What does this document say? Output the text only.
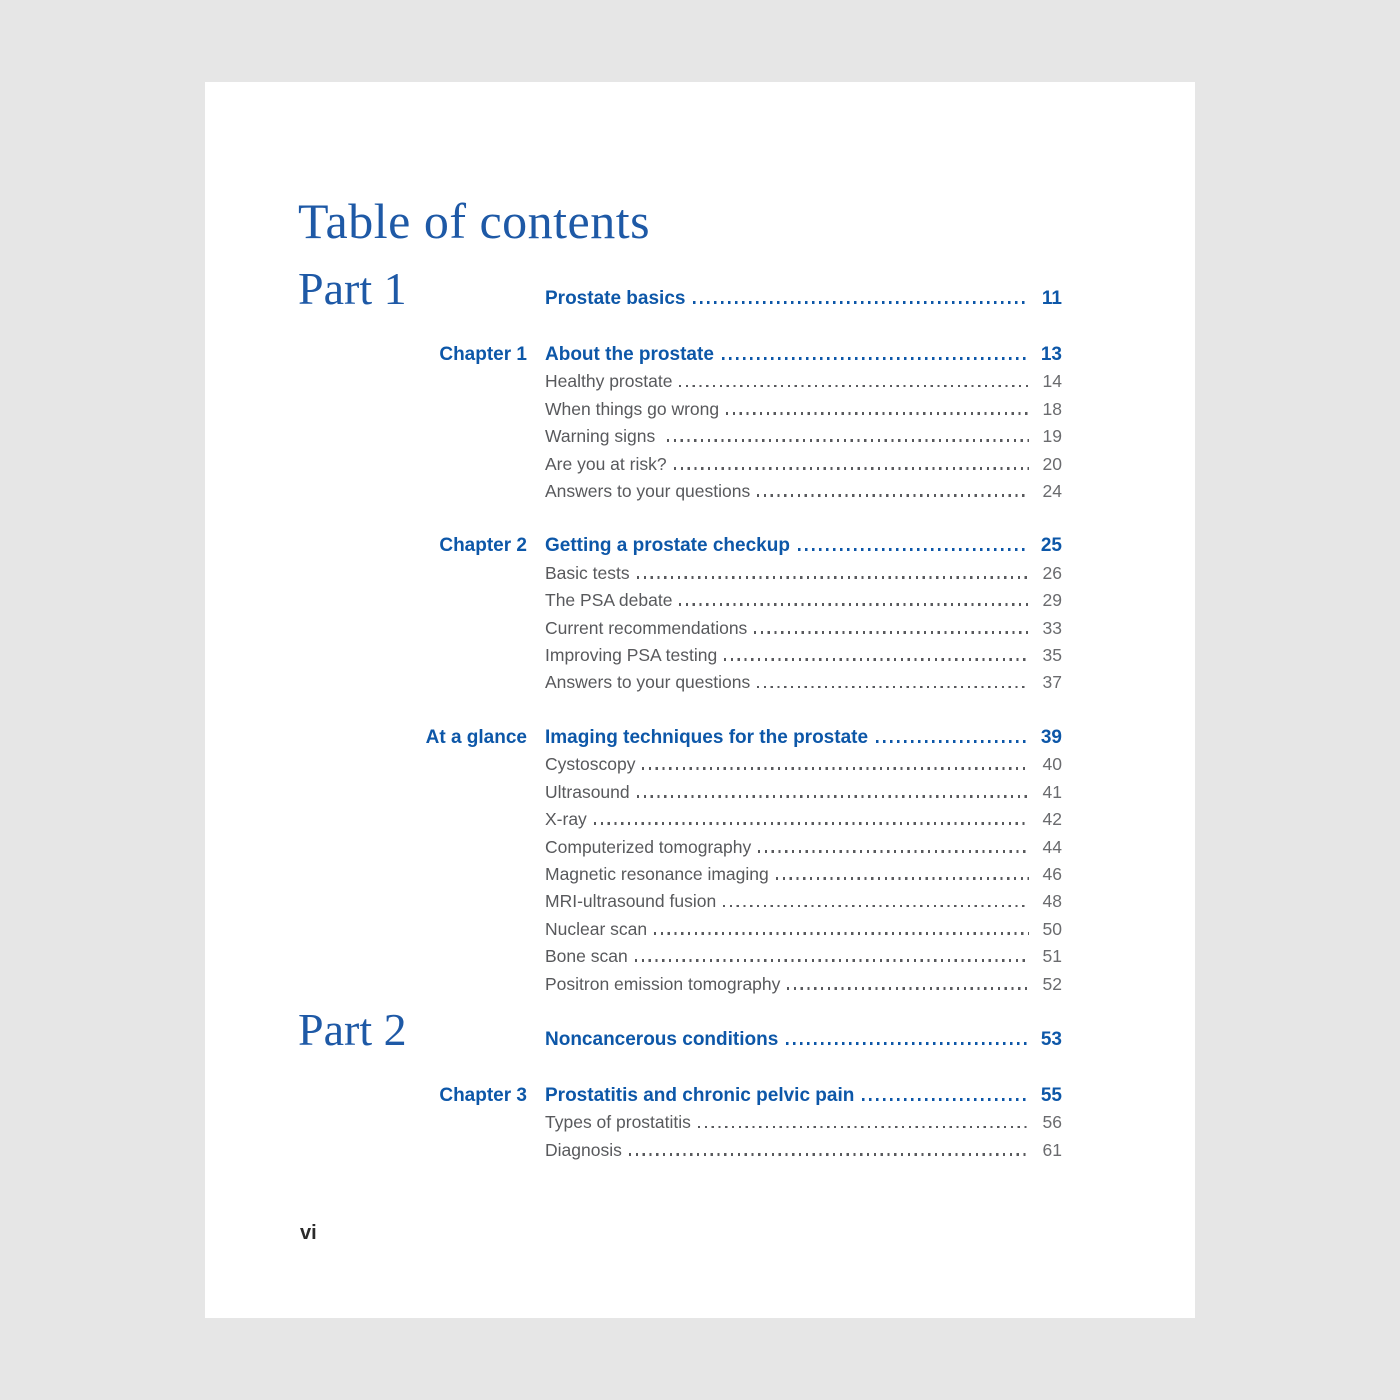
Table of contents
Part 1	Prostate basics	11
Chapter 1 About the prostate	13
Healthy prostate	14
When things go wrong	18
Warning signs	19
Are you at risk?	20
Answers to your questions	24
Chapter 2 Getting a prostate checkup	25
Basic tests	26
The PSA debate	29
Current recommendations	33
Improving PSA testing	35
Answers to your questions	37
At a glance Imaging techniques for the prostate	39
Cystoscopy	40
Ultrasound	41
X-ray	42
Computerized tomography	44
Magnetic resonance imaging	46
MRI-ultrasound fusion	48
Nuclear scan	50
Bone scan	51
Positron emission tomography	52
Part 2	Noncancerous conditions	53
Chapter 3 Prostatitis and chronic pelvic pain	55
Types of prostatitis	56
Diagnosis	61
vi
